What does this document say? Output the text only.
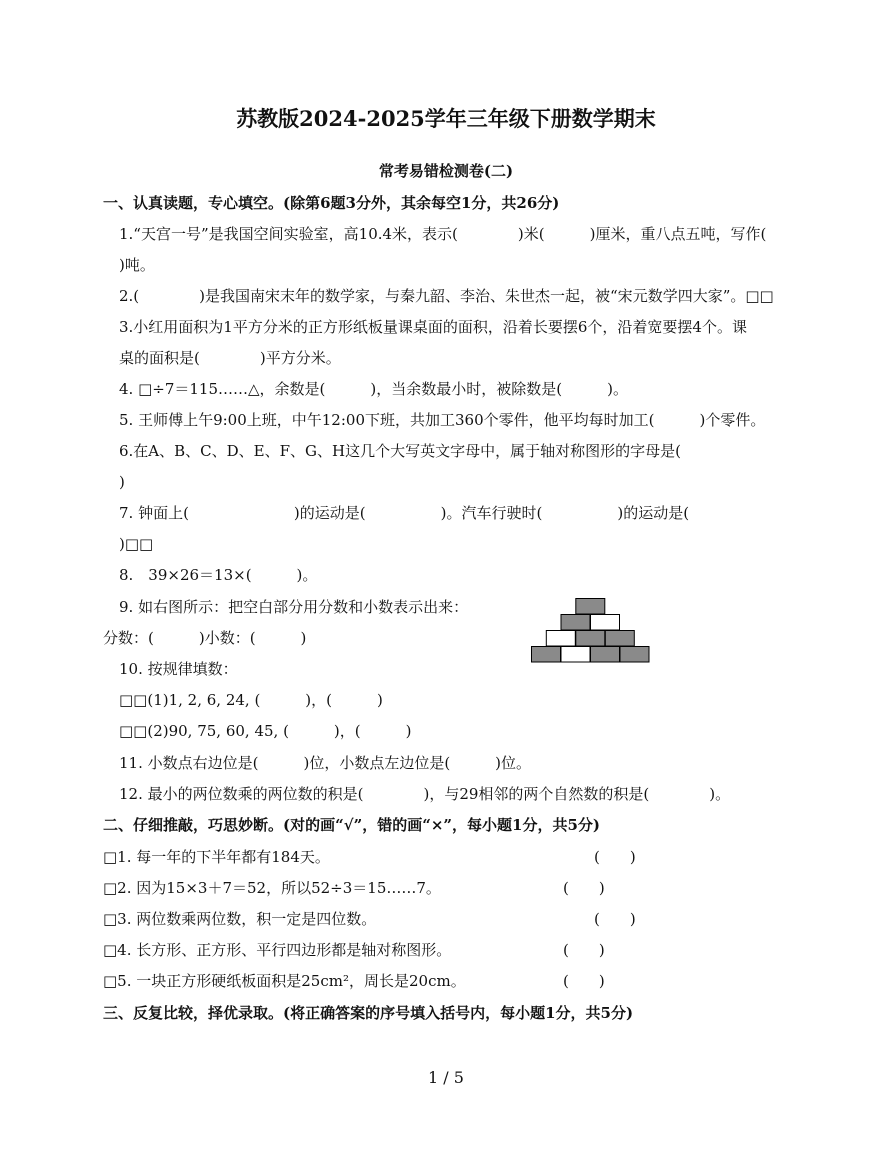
苏教版2024-2025学年三年级下册数学期末
常考易错检测卷(二)
一、认真读题，专心填空。(除第6题3分外，其余每空1分，共26分)
1.“天宫一号”是我国空间实验室，高10.4米，表示(　　　　)米(　　　)厘米，重八点五吨，写作(
)吨。
2.(　　　　)是我国南宋末年的数学家，与秦九韶、李治、朱世杰一起，被“宋元数学四大家”。□□
3.小红用面积为1平方分米的正方形纸板量课桌面的面积，沿着长要摆6个，沿着宽要摆4个。课
桌的面积是(　　　　)平方分米。
4. □÷7＝115……△，余数是(　　　)，当余数最小时，被除数是(　　　)。
5. 王师傅上午9:00上班，中午12:00下班，共加工360个零件，他平均每时加工(　　　)个零件。
6.在A、B、C、D、E、F、G、H这几个大写英文字母中，属于轴对称图形的字母是(
)
7. 钟面上(　　　　　　　)的运动是(　　　　　)。汽车行驶时(　　　　　)的运动是(
)□□
8.　39×26＝13×(　　　)。
9. 如右图所示：把空白部分用分数和小数表示出来：
分数：(　　　)小数：(　　　)
10. 按规律填数：
□□(1)1, 2, 6, 24, (　　　)，(　　　)
□□(2)90, 75, 60, 45, (　　　)，(　　　)
11. 小数点右边位是(　　　)位，小数点左边位是(　　　)位。
12. 最小的两位数乘的两位数的积是(　　　　)，与29相邻的两个自然数的积是(　　　　)。
二、仔细推敲，巧思妙断。(对的画“√”，错的画“×”，每小题1分，共5分)
□1. 每一年的下半年都有184天。	(　　)
□2. 因为15×3＋7＝52，所以52÷3＝15……7。	(　　)
□3. 两位数乘两位数，积一定是四位数。	(　　)
□4. 长方形、正方形、平行四边形都是轴对称图形。	(　　)
□5. 一块正方形硬纸板面积是25cm²，周长是20cm。	(　　)
三、反复比较，择优录取。(将正确答案的序号填入括号内，每小题1分，共5分)
1 / 5
